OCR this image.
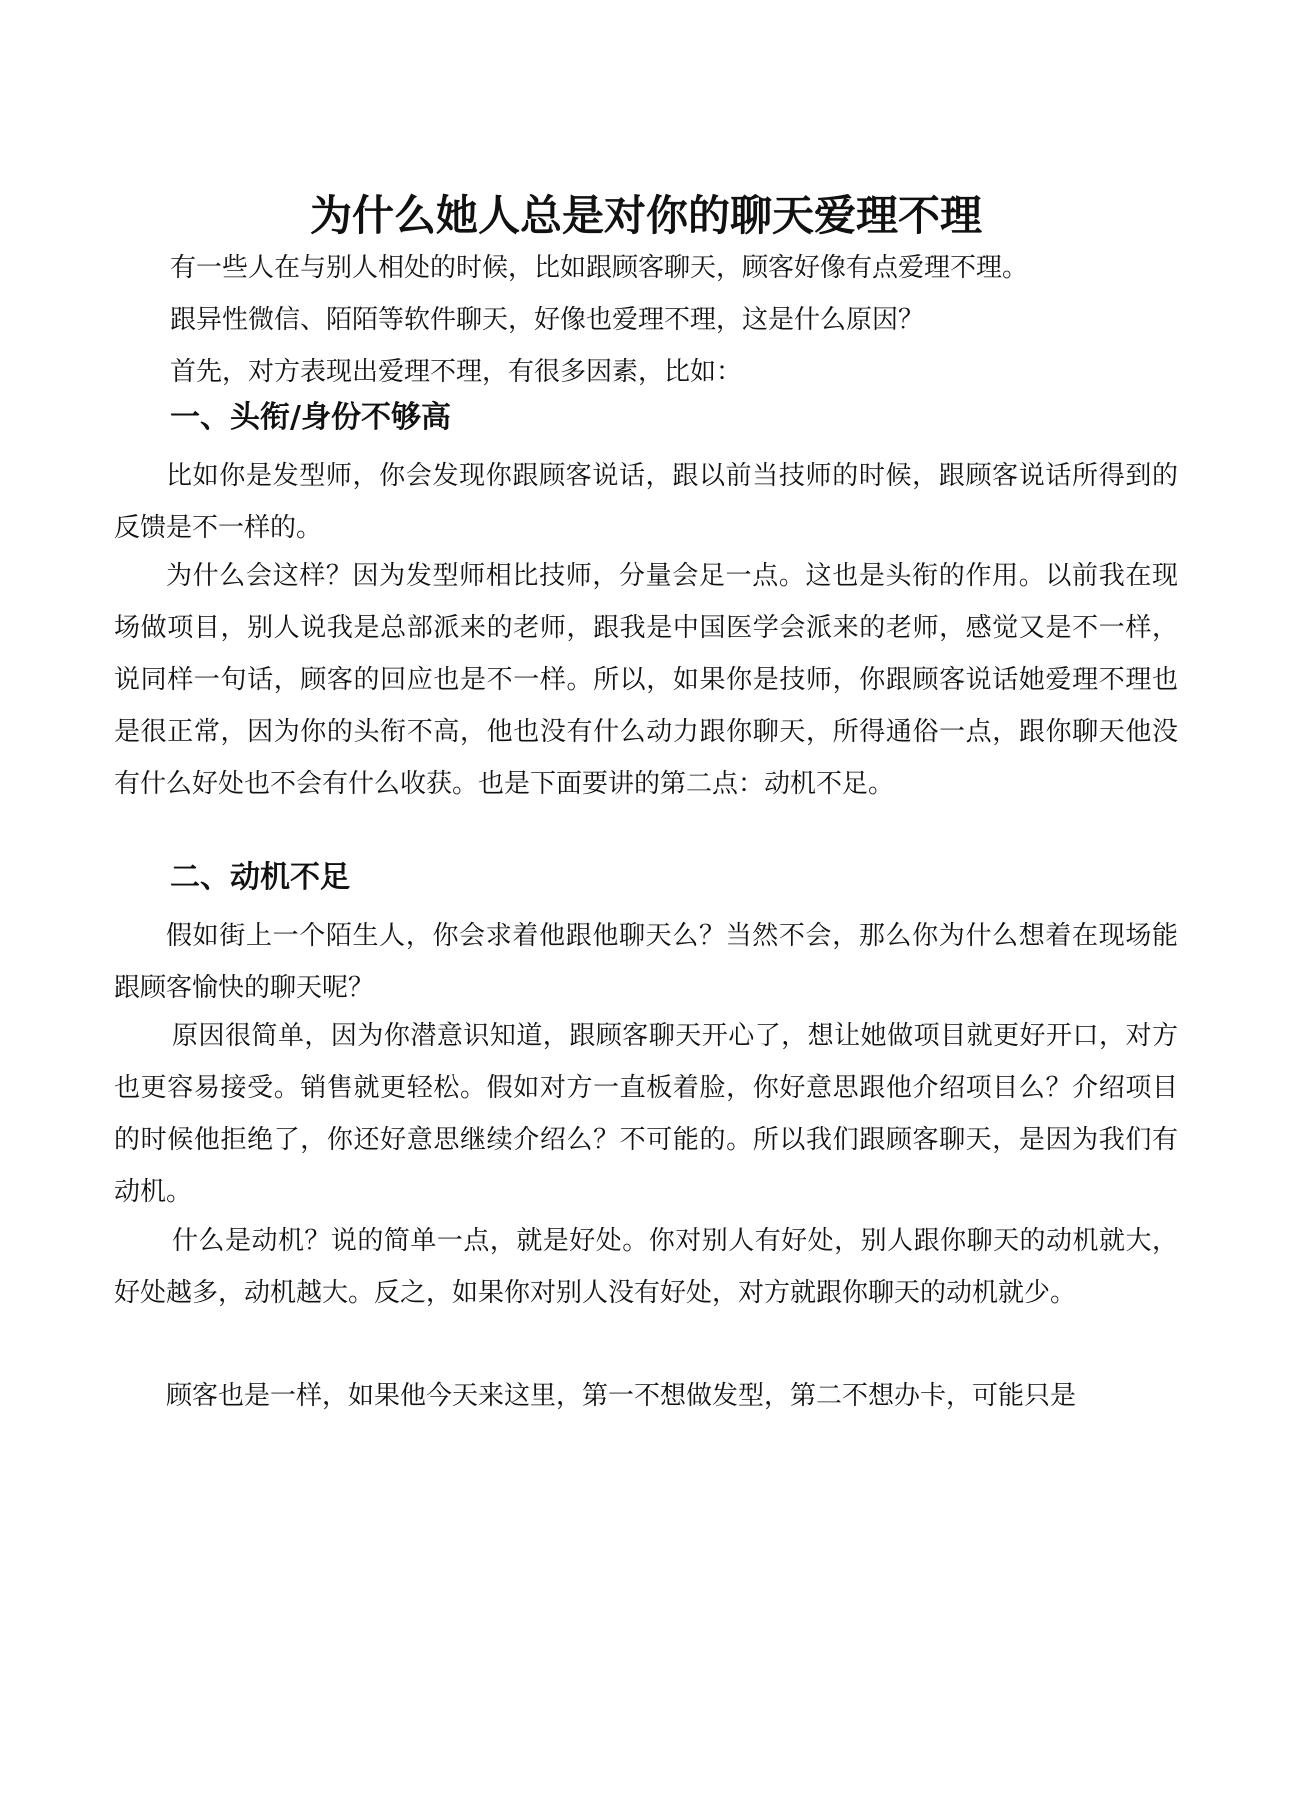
为什么她人总是对你的聊天爱理不理

有一些人在与别人相处的时候，比如跟顾客聊天，顾客好像有点爱理不理。

跟异性微信、陌陌等软件聊天，好像也爱理不理，这是什么原因？

首先，对方表现出爱理不理，有很多因素，比如：

一、头衔/身份不够高

比如你是发型师，你会发现你跟顾客说话，跟以前当技师的时候，跟顾客说话所得到的反馈是不一样的。

为什么会这样？因为发型师相比技师，分量会足一点。这也是头衔的作用。以前我在现场做项目，别人说我是总部派来的老师，跟我是中国医学会派来的老师，感觉又是不一样，说同样一句话，顾客的回应也是不一样。所以，如果你是技师，你跟顾客说话她爱理不理也是很正常，因为你的头衔不高，他也没有什么动力跟你聊天，所得通俗一点，跟你聊天他没有什么好处也不会有什么收获。也是下面要讲的第二点：动机不足。

二、动机不足

假如街上一个陌生人，你会求着他跟他聊天么？当然不会，那么你为什么想着在现场能跟顾客愉快的聊天呢？

原因很简单，因为你潜意识知道，跟顾客聊天开心了，想让她做项目就更好开口，对方也更容易接受。销售就更轻松。假如对方一直板着脸，你好意思跟他介绍项目么？介绍项目的时候他拒绝了，你还好意思继续介绍么？不可能的。所以我们跟顾客聊天，是因为我们有动机。

什么是动机？说的简单一点，就是好处。你对别人有好处，别人跟你聊天的动机就大，好处越多，动机越大。反之，如果你对别人没有好处，对方就跟你聊天的动机就少。

顾客也是一样，如果他今天来这里，第一不想做发型，第二不想办卡，可能只是
